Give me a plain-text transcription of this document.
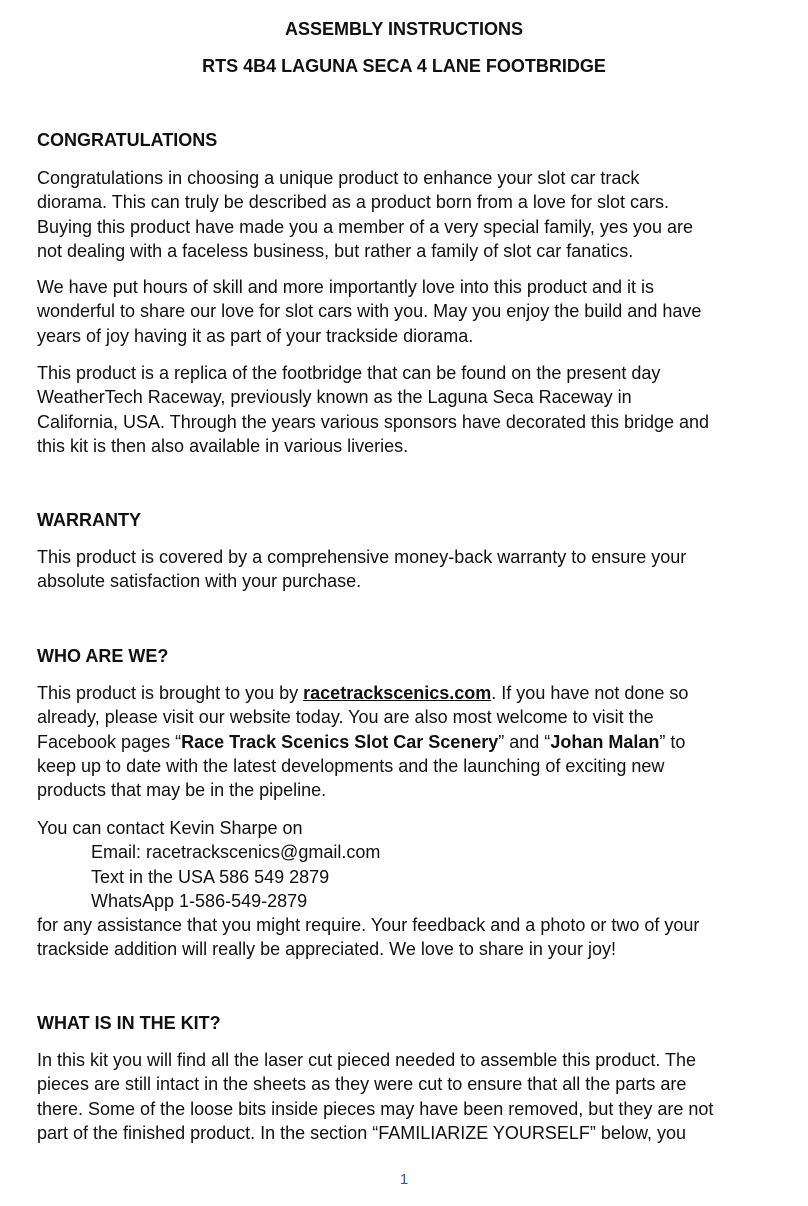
ASSEMBLY INSTRUCTIONS
RTS 4B4 LAGUNA SECA 4 LANE FOOTBRIDGE
CONGRATULATIONS

Congratulations in choosing a unique product to enhance your slot car track
diorama. This can truly be described as a product born from a love for slot cars.
Buying this product have made you a member of a very special family, yes you are
not dealing with a faceless business, but rather a family of slot car fanatics.

We have put hours of skill and more importantly love into this product and it is
wonderful to share our love for slot cars with you. May you enjoy the build and have
years of joy having it as part of your trackside diorama.

This product is a replica of the footbridge that can be found on the present day
WeatherTech Raceway, previously known as the Laguna Seca Raceway in
California, USA. Through the years various sponsors have decorated this bridge and
this kit is then also available in various liveries.

WARRANTY

This product is covered by a comprehensive money-back warranty to ensure your
absolute satisfaction with your purchase.

WHO ARE WE?

This product is brought to you by racetrackscenics.com. If you have not done so
already, please visit our website today. You are also most welcome to visit the
Facebook pages “Race Track Scenics Slot Car Scenery” and “Johan Malan” to
keep up to date with the latest developments and the launching of exciting new
products that may be in the pipeline.

You can contact Kevin Sharpe on
Email: racetrackscenics@gmail.com
Text in the USA 586 549 2879
WhatsApp 1-586-549-2879
for any assistance that you might require. Your feedback and a photo or two of your
trackside addition will really be appreciated. We love to share in your joy!

WHAT IS IN THE KIT?

In this kit you will find all the laser cut pieced needed to assemble this product. The
pieces are still intact in the sheets as they were cut to ensure that all the parts are
there. Some of the loose bits inside pieces may have been removed, but they are not
part of the finished product. In the section “FAMILIARIZE YOURSELF” below, you

1
